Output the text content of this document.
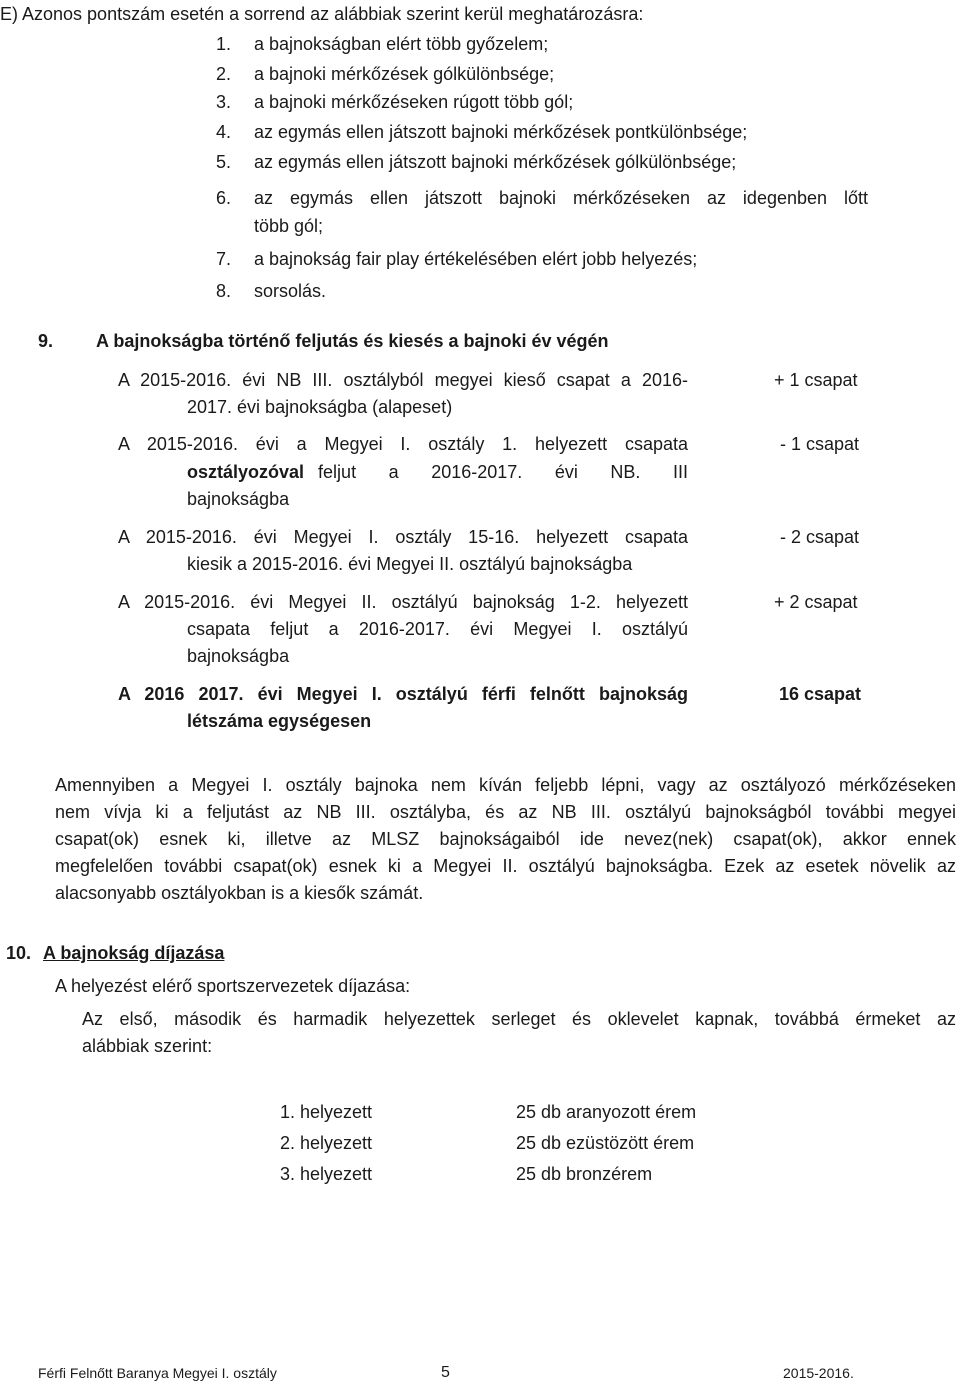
E) Azonos pontszám esetén a sorrend az alábbiak szerint kerül meghatározásra:
1. a bajnokságban elért több győzelem;
2. a bajnoki mérkőzések gólkülönbsége;
3. a bajnoki mérkőzéseken rúgott több gól;
4. az egymás ellen játszott bajnoki mérkőzések pontkülönbsége;
5. az egymás ellen játszott bajnoki mérkőzések gólkülönbsége;
6. az egymás ellen játszott bajnoki mérkőzéseken az idegenben lőtt
több gól;
7. a bajnokság fair play értékelésében elért jobb helyezés;
8. sorsolás.
9. A bajnokságba történő feljutás és kiesés a bajnoki év végén
A 2015-2016. évi NB III. osztályból megyei kieső csapat a 2016-
2017. évi bajnokságba (alapeset)
+ 1 csapat
A 2015-2016. évi a Megyei I. osztály 1. helyezett csapata
osztályozóval feljut a 2016-2017. évi NB. III
bajnokságba
- 1 csapat
A 2015-2016. évi Megyei I. osztály 15-16. helyezett csapata
kiesik a 2015-2016. évi Megyei II. osztályú bajnokságba
- 2 csapat
A 2015-2016. évi Megyei II. osztályú bajnokság 1-2. helyezett
csapata feljut a 2016-2017. évi Megyei I. osztályú
bajnokságba
+ 2 csapat
A 2016 2017. évi Megyei I. osztályú férfi felnőtt bajnokság
létszáma egységesen
16 csapat
Amennyiben a Megyei I. osztály bajnoka nem kíván feljebb lépni, vagy az osztályozó mérkőzéseken
nem vívja ki a feljutást az NB III. osztályba, és az NB III. osztályú bajnokságból további megyei
csapat(ok) esnek ki, illetve az MLSZ bajnokságaiból ide nevez(nek) csapat(ok), akkor ennek
megfelelően további csapat(ok) esnek ki a Megyei II. osztályú bajnokságba. Ezek az esetek növelik az
alacsonyabb osztályokban is a kiesők számát.
10. A bajnokság díjazása
A helyezést elérő sportszervezetek díjazása:
Az első, második és harmadik helyezettek serleget és oklevelet kapnak, továbbá érmeket az
alábbiak szerint:
1. helyezett	25 db aranyozott érem
2. helyezett	25 db ezüstözött érem
3. helyezett	25 db bronzérem
Férfi Felnőtt Baranya Megyei I. osztály	5	2015-2016.
